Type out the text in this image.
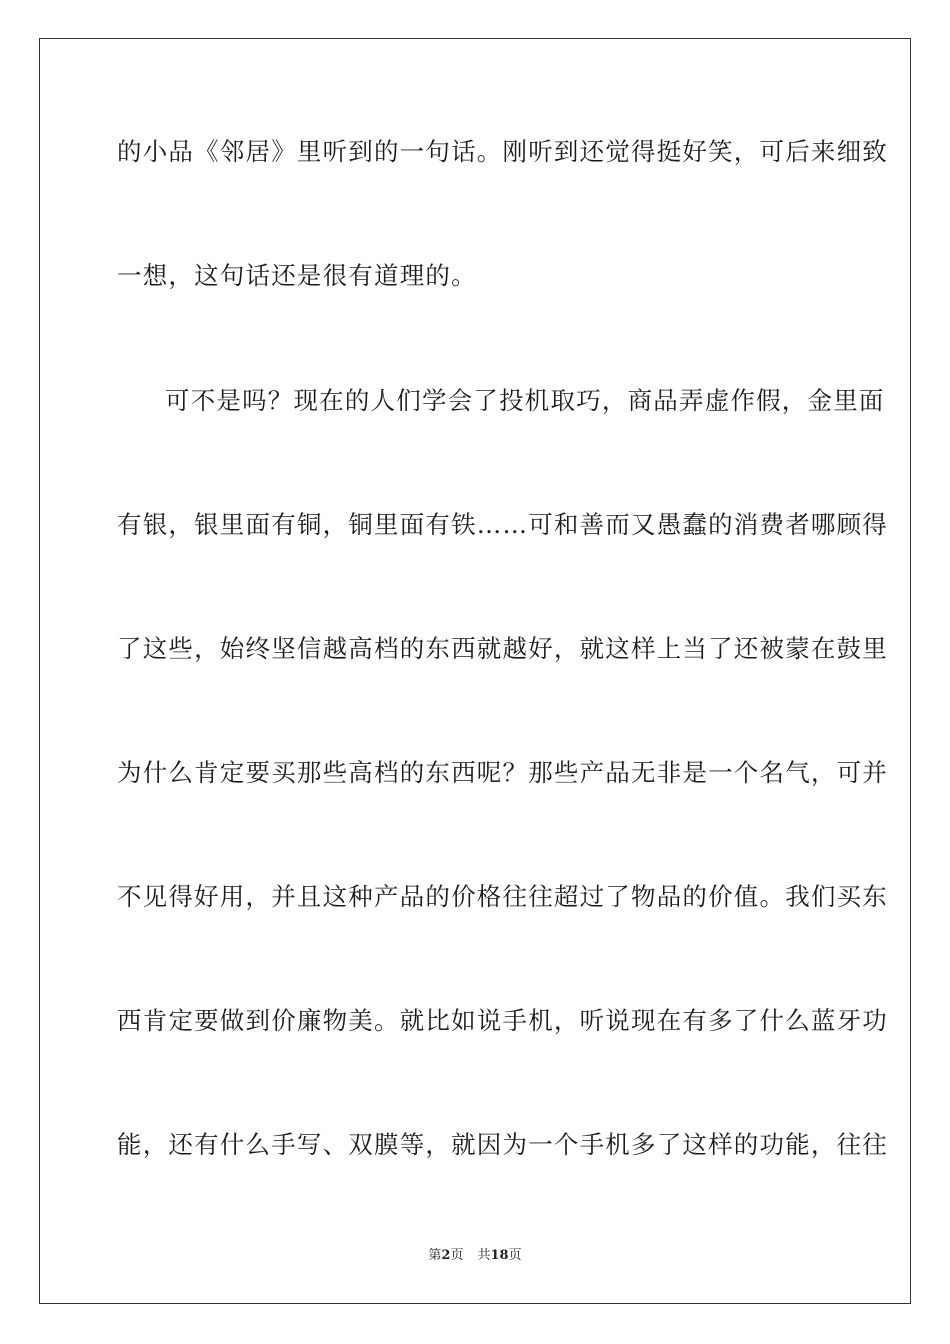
的小品《邻居》里听到的一句话。刚听到还觉得挺好笑，可后来细致
一想，这句话还是很有道理的。
可不是吗？现在的人们学会了投机取巧，商品弄虚作假，金里面
有银，银里面有铜，铜里面有铁……可和善而又愚蠢的消费者哪顾得
了这些，始终坚信越高档的东西就越好，就这样上当了还被蒙在鼓里
为什么肯定要买那些高档的东西呢？那些产品无非是一个名气，可并
不见得好用，并且这种产品的价格往往超过了物品的价值。我们买东
西肯定要做到价廉物美。就比如说手机，听说现在有多了什么蓝牙功
能，还有什么手写、双膜等，就因为一个手机多了这样的功能，往往
第2页 共18页
